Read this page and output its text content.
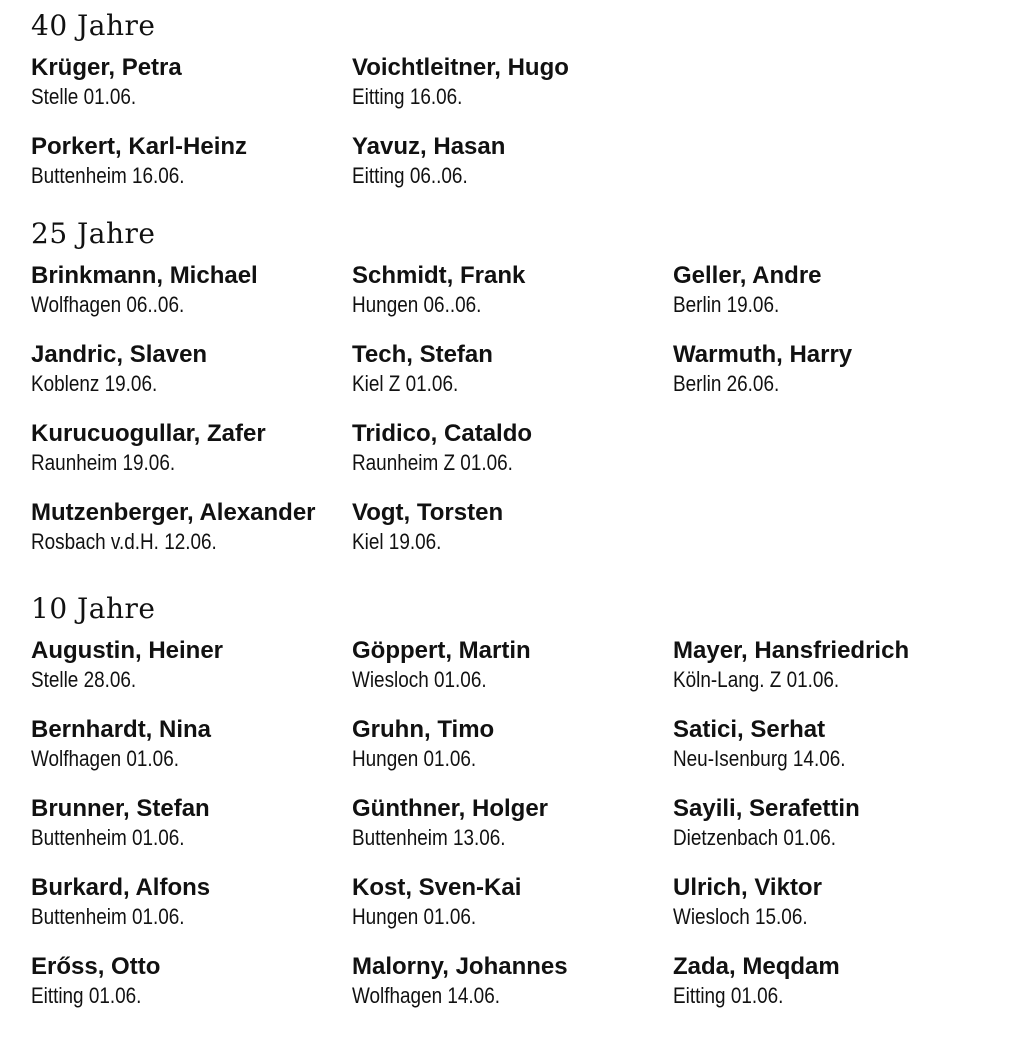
40 Jahre
Krüger, Petra
Stelle 01.06.
Porkert, Karl-Heinz
Buttenheim 16.06.
Voichtleitner, Hugo
Eitting 16.06.
Yavuz, Hasan
Eitting 06..06.
25 Jahre
Brinkmann, Michael
Wolfhagen 06..06.
Jandric, Slaven
Koblenz 19.06.
Kurucuogullar, Zafer
Raunheim 19.06.
Mutzenberger, Alexander
Rosbach v.d.H. 12.06.
Schmidt, Frank
Hungen 06..06.
Tech, Stefan
Kiel Z 01.06.
Tridico, Cataldo
Raunheim Z 01.06.
Vogt, Torsten
Kiel 19.06.
Geller, Andre
Berlin 19.06.
Warmuth, Harry
Berlin 26.06.
10 Jahre
Augustin, Heiner
Stelle 28.06.
Bernhardt, Nina
Wolfhagen 01.06.
Brunner, Stefan
Buttenheim 01.06.
Burkard, Alfons
Buttenheim 01.06.
Erőss, Otto
Eitting 01.06.
Göppert, Martin
Wiesloch 01.06.
Gruhn, Timo
Hungen 01.06.
Günthner, Holger
Buttenheim 13.06.
Kost, Sven-Kai
Hungen 01.06.
Malorny, Johannes
Wolfhagen 14.06.
Mayer, Hansfriedrich
Köln-Lang. Z 01.06.
Satici, Serhat
Neu-Isenburg 14.06.
Sayili, Serafettin
Dietzenbach 01.06.
Ulrich, Viktor
Wiesloch 15.06.
Zada, Meqdam
Eitting 01.06.
